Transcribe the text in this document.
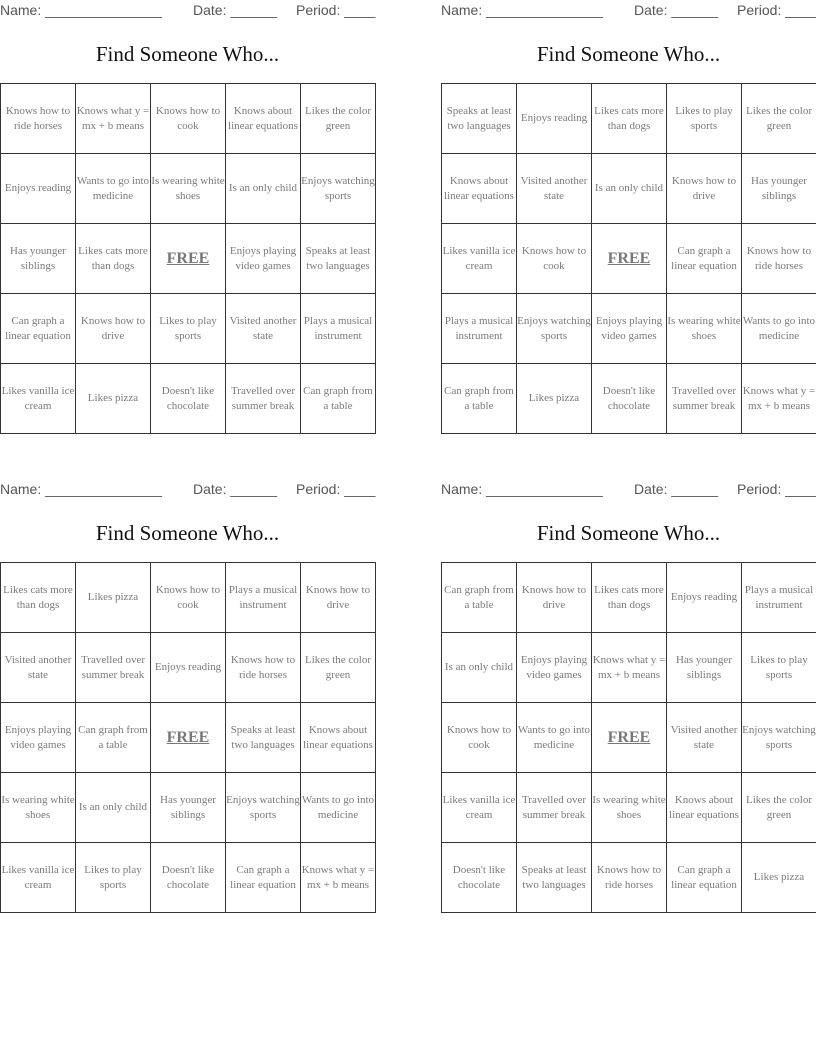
Name: _______________ Date: ______ Period: ____
Find Someone Who...
Knows how to ride horses	Knows what y = mx + b means	Knows how to cook	Knows about linear equations	Likes the color green
Enjoys reading	Wants to go into medicine	Is wearing white shoes	Is an only child	Enjoys watching sports
Has younger siblings	Likes cats more than dogs	FREE	Enjoys playing video games	Speaks at least two languages
Can graph a linear equation	Knows how to drive	Likes to play sports	Visited another state	Plays a musical instrument
Likes vanilla ice cream	Likes pizza	Doesn't like chocolate	Travelled over summer break	Can graph from a table
Name: _______________ Date: ______ Period: ____
Find Someone Who...
Speaks at least two languages	Enjoys reading	Likes cats more than dogs	Likes to play sports	Likes the color green
Knows about linear equations	Visited another state	Is an only child	Knows how to drive	Has younger siblings
Likes vanilla ice cream	Knows how to cook	FREE	Can graph a linear equation	Knows how to ride horses
Plays a musical instrument	Enjoys watching sports	Enjoys playing video games	Is wearing white shoes	Wants to go into medicine
Can graph from a table	Likes pizza	Doesn't like chocolate	Travelled over summer break	Knows what y = mx + b means
Name: _______________ Date: ______ Period: ____
Find Someone Who...
Likes cats more than dogs	Likes pizza	Knows how to cook	Plays a musical instrument	Knows how to drive
Visited another state	Travelled over summer break	Enjoys reading	Knows how to ride horses	Likes the color green
Enjoys playing video games	Can graph from a table	FREE	Speaks at least two languages	Knows about linear equations
Is wearing white shoes	Is an only child	Has younger siblings	Enjoys watching sports	Wants to go into medicine
Likes vanilla ice cream	Likes to play sports	Doesn't like chocolate	Can graph a linear equation	Knows what y = mx + b means
Name: _______________ Date: ______ Period: ____
Find Someone Who...
Can graph from a table	Knows how to drive	Likes cats more than dogs	Enjoys reading	Plays a musical instrument
Is an only child	Enjoys playing video games	Knows what y = mx + b means	Has younger siblings	Likes to play sports
Knows how to cook	Wants to go into medicine	FREE	Visited another state	Enjoys watching sports
Likes vanilla ice cream	Travelled over summer break	Is wearing white shoes	Knows about linear equations	Likes the color green
Doesn't like chocolate	Speaks at least two languages	Knows how to ride horses	Can graph a linear equation	Likes pizza
